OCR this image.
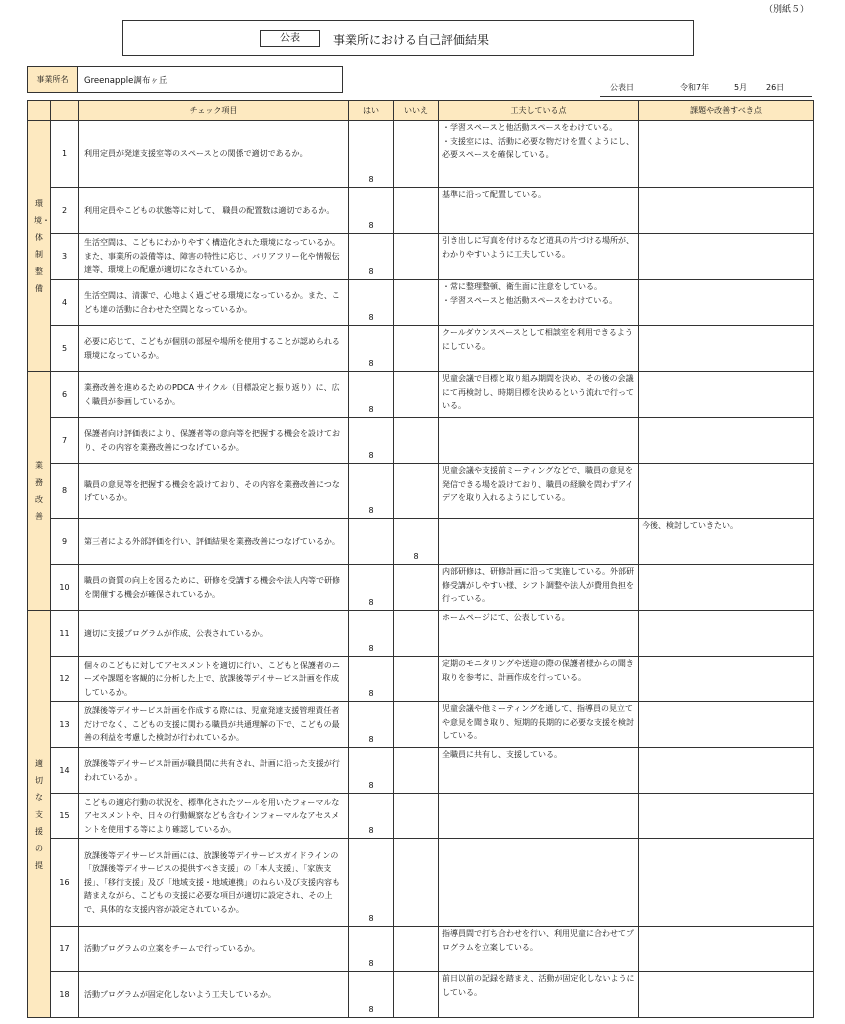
（別紙５）
公表	事業所における自己評価結果
事業所名	Greenapple調布ヶ丘
公表日	令和7年	5月 26日
		チェック項目	はい	いいえ	工夫している点	課題や改善すべき点

環境・体制整備	1	利用定員が発達支援室等のスペースとの関係で適切であるか。	8		・学習スペースと他活動スペースをわけている。
・支援室には、活動に必要な物だけを置くようにし、必要スペースを確保している。	
	2	利用定員やこどもの状態等に対して、 職員の配置数は適切であるか。	8		基準に沿って配置している。	
	3	生活空間は、こどもにわかりやすく構造化された環境になっているか。また、事業所の設備等は、障害の特性に応じ、バリアフリー化や情報伝達等、環境上の配慮が適切になされているか。	8		引き出しに写真を付けるなど道具の片づける場所が、わかりやすいように工夫している。	
	4	生活空間は、清潔で、心地よく過ごせる環境になっているか。また、こども達の活動に合わせた空間となっているか。	8		・常に整理整頓、衛生面に注意をしている。
・学習スペースと他活動スペースをわけている。	
	5	必要に応じて、こどもが個別の部屋や場所を使用することが認められる環境になっているか。	8		クールダウンスペースとして相談室を利用できるようにしている。	

業務改善	6	業務改善を進めるためのPDCA サイクル（目標設定と振り返り）に、広く職員が参画しているか。	8		児童会議で目標と取り組み期間を決め、その後の会議にて再検討し、時期目標を決めるという流れで行っている。	
	7	保護者向け評価表により、保護者等の意向等を把握する機会を設けており、その内容を業務改善につなげているか。	8			
	8	職員の意見等を把握する機会を設けており、その内容を業務改善につなげているか。	8		児童会議や支援前ミーティングなどで、職員の意見を発信できる場を設けており、職員の経験を問わずアイデアを取り入れるようにしている。	
	9	第三者による外部評価を行い、評価結果を業務改善につなげているか。		8		今後、検討していきたい。
	10	職員の資質の向上を図るために、研修を受講する機会や法人内等で研修を開催する機会が確保されているか。	8		内部研修は、研修計画に沿って実施している。外部研修受講がしやすい様、シフト調整や法人が費用負担を行っている。	

適切な支援の提	11	適切に支援プログラムが作成、公表されているか。	8		ホームページにて、公表している。	
	12	個々のこどもに対してアセスメントを適切に行い、こどもと保護者のニーズや課題を客観的に分析した上で、放課後等デイサービス計画を作成しているか。	8		定期のモニタリングや送迎の際の保護者様からの聞き取りを参考に、計画作成を行っている。	
	13	放課後等デイサービス計画を作成する際には、児童発達支援管理責任者だけでなく、こどもの支援に関わる職員が共通理解の下で、こどもの最善の利益を考慮した検討が行われているか。	8		児童会議や他ミーティングを通して、指導員の見立てや意見を聞き取り、短期的長期的に必要な支援を検討している。	
	14	放課後等デイサービス計画が職員間に共有され、計画に沿った支援が行われているか 。	8		全職員に共有し、支援している。	
	15	こどもの適応行動の状況を、標準化されたツールを用いたフォーマルなアセスメントや、日々の行動観察なども含むインフォーマルなアセスメントを使用する等により確認しているか。	8			
	16	放課後等デイサービス計画には、放課後等デイサービスガイドラインの「放課後等デイサービスの提供すべき支援」の「本人支援」、「家族支援」、「移行支援」及び「地域支援・地域連携」のねらい及び支援内容も踏まえながら、こどもの支援に必要な項目が適切に設定され、その上で、具体的な支援内容が設定されているか。	8			
	17	活動プログラムの立案をチームで行っているか。	8		指導員間で打ち合わせを行い、利用児童に合わせてプログラムを立案している。	
	18	活動プログラムが固定化しないよう工夫しているか。	8		前日以前の記録を踏まえ、活動が固定化しないようにしている。	
